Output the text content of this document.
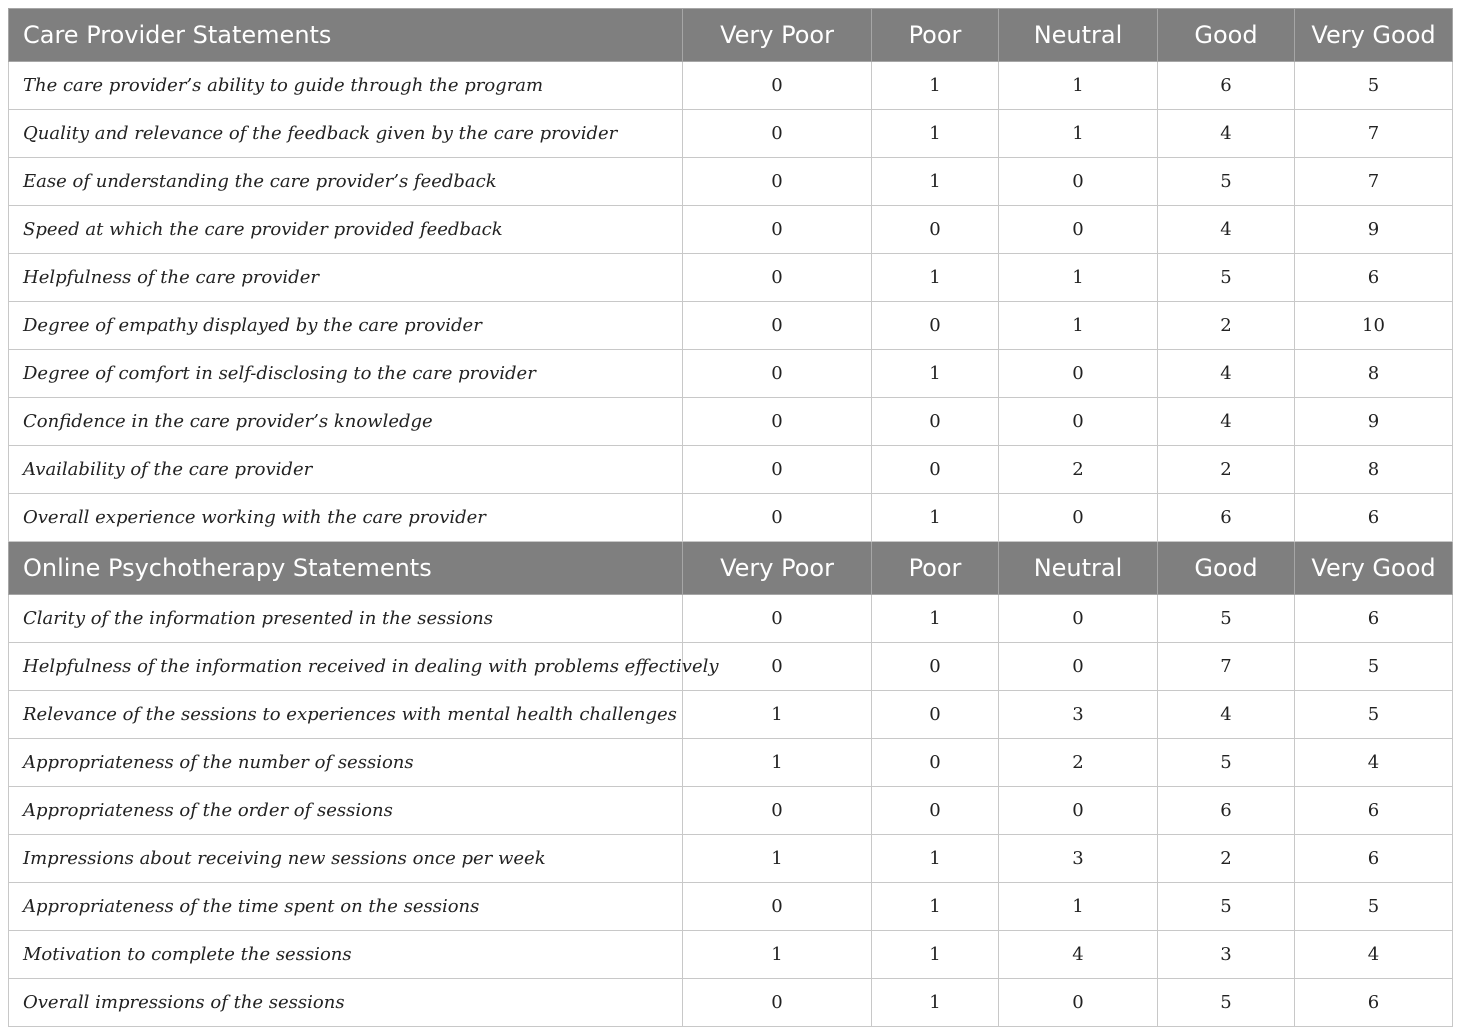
Care Provider Statements	Very Poor	Poor	Neutral	Good	Very Good
The care provider’s ability to guide through the program	0	1	1	6	5
Quality and relevance of the feedback given by the care provider	0	1	1	4	7
Ease of understanding the care provider’s feedback	0	1	0	5	7
Speed at which the care provider provided feedback	0	0	0	4	9
Helpfulness of the care provider	0	1	1	5	6
Degree of empathy displayed by the care provider	0	0	1	2	10
Degree of comfort in self-disclosing to the care provider	0	1	0	4	8
Confidence in the care provider’s knowledge	0	0	0	4	9
Availability of the care provider	0	0	2	2	8
Overall experience working with the care provider	0	1	0	6	6
Online Psychotherapy Statements	Very Poor	Poor	Neutral	Good	Very Good
Clarity of the information presented in the sessions	0	1	0	5	6
Helpfulness of the information received in dealing with problems effectively	0	0	0	7	5
Relevance of the sessions to experiences with mental health challenges	1	0	3	4	5
Appropriateness of the number of sessions	1	0	2	5	4
Appropriateness of the order of sessions	0	0	0	6	6
Impressions about receiving new sessions once per week	1	1	3	2	6
Appropriateness of the time spent on the sessions	0	1	1	5	5
Motivation to complete the sessions	1	1	4	3	4
Overall impressions of the sessions	0	1	0	5	6
